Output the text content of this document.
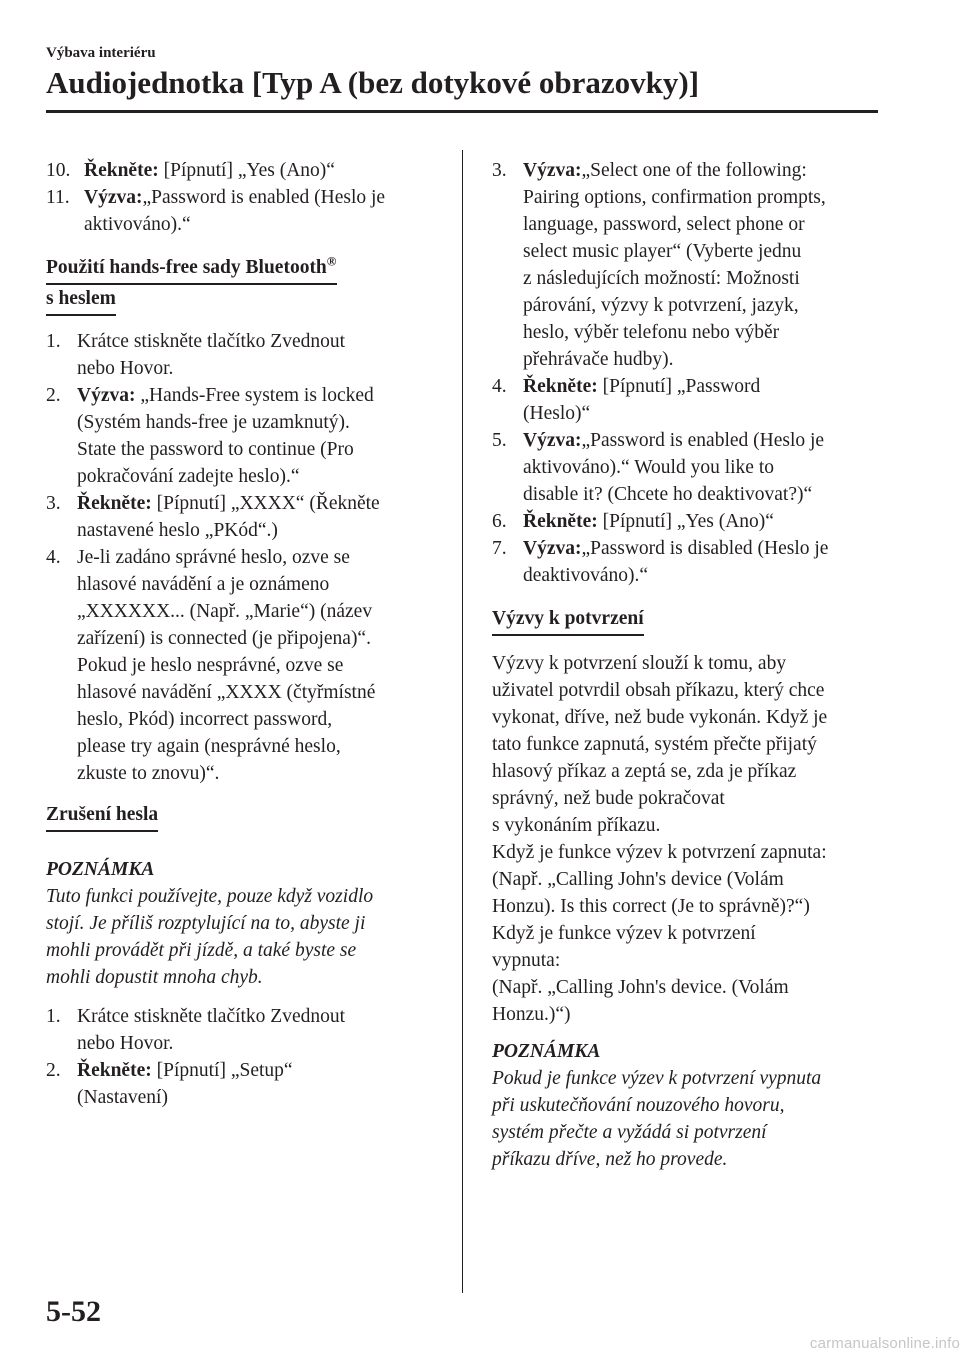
Výbava interiéru
Audiojednotka [Typ A (bez dotykové obrazovky)]
10. Řekněte: [Pípnutí] „Yes (Ano)“
11. Výzva:„Password is enabled (Heslo je
aktivováno).“
Použití hands-free sady Bluetooth®
s heslem
1. Krátce stiskněte tlačítko Zvednout
nebo Hovor.
2. Výzva: „Hands-Free system is locked
(Systém hands-free je uzamknutý).
State the password to continue (Pro
pokračování zadejte heslo).“
3. Řekněte: [Pípnutí] „XXXX“ (Řekněte
nastavené heslo „PKód“.)
4. Je-li zadáno správné heslo, ozve se
hlasové navádění a je oznámeno
„XXXXXX... (Např. „Marie“) (název
zařízení) is connected (je připojena)“.
Pokud je heslo nesprávné, ozve se
hlasové navádění „XXXX (čtyřmístné
heslo, Pkód) incorrect password,
please try again (nesprávné heslo,
zkuste to znovu)“.
Zrušení hesla
POZNÁMKA
Tuto funkci používejte, pouze když vozidlo
stojí. Je příliš rozptylující na to, abyste ji
mohli provádět při jízdě, a také byste se
mohli dopustit mnoha chyb.
1. Krátce stiskněte tlačítko Zvednout
nebo Hovor.
2. Řekněte: [Pípnutí] „Setup“
(Nastavení)
3. Výzva:„Select one of the following:
Pairing options, confirmation prompts,
language, password, select phone or
select music player“ (Vyberte jednu
z následujících možností: Možnosti
párování, výzvy k potvrzení, jazyk,
heslo, výběr telefonu nebo výběr
přehrávače hudby).
4. Řekněte: [Pípnutí] „Password
(Heslo)“
5. Výzva:„Password is enabled (Heslo je
aktivováno).“ Would you like to
disable it? (Chcete ho deaktivovat?)“
6. Řekněte: [Pípnutí] „Yes (Ano)“
7. Výzva:„Password is disabled (Heslo je
deaktivováno).“
Výzvy k potvrzení
Výzvy k potvrzení slouží k tomu, aby
uživatel potvrdil obsah příkazu, který chce
vykonat, dříve, než bude vykonán. Když je
tato funkce zapnutá, systém přečte přijatý
hlasový příkaz a zeptá se, zda je příkaz
správný, než bude pokračovat
s vykonáním příkazu.
Když je funkce výzev k potvrzení zapnuta:
(Např. „Calling John's device (Volám
Honzu). Is this correct (Je to správně)?“)
Když je funkce výzev k potvrzení
vypnuta:
(Např. „Calling John's device. (Volám
Honzu.)“)
POZNÁMKA
Pokud je funkce výzev k potvrzení vypnuta
při uskutečňování nouzového hovoru,
systém přečte a vyžádá si potvrzení
příkazu dříve, než ho provede.
5-52
carmanualsonline.info
